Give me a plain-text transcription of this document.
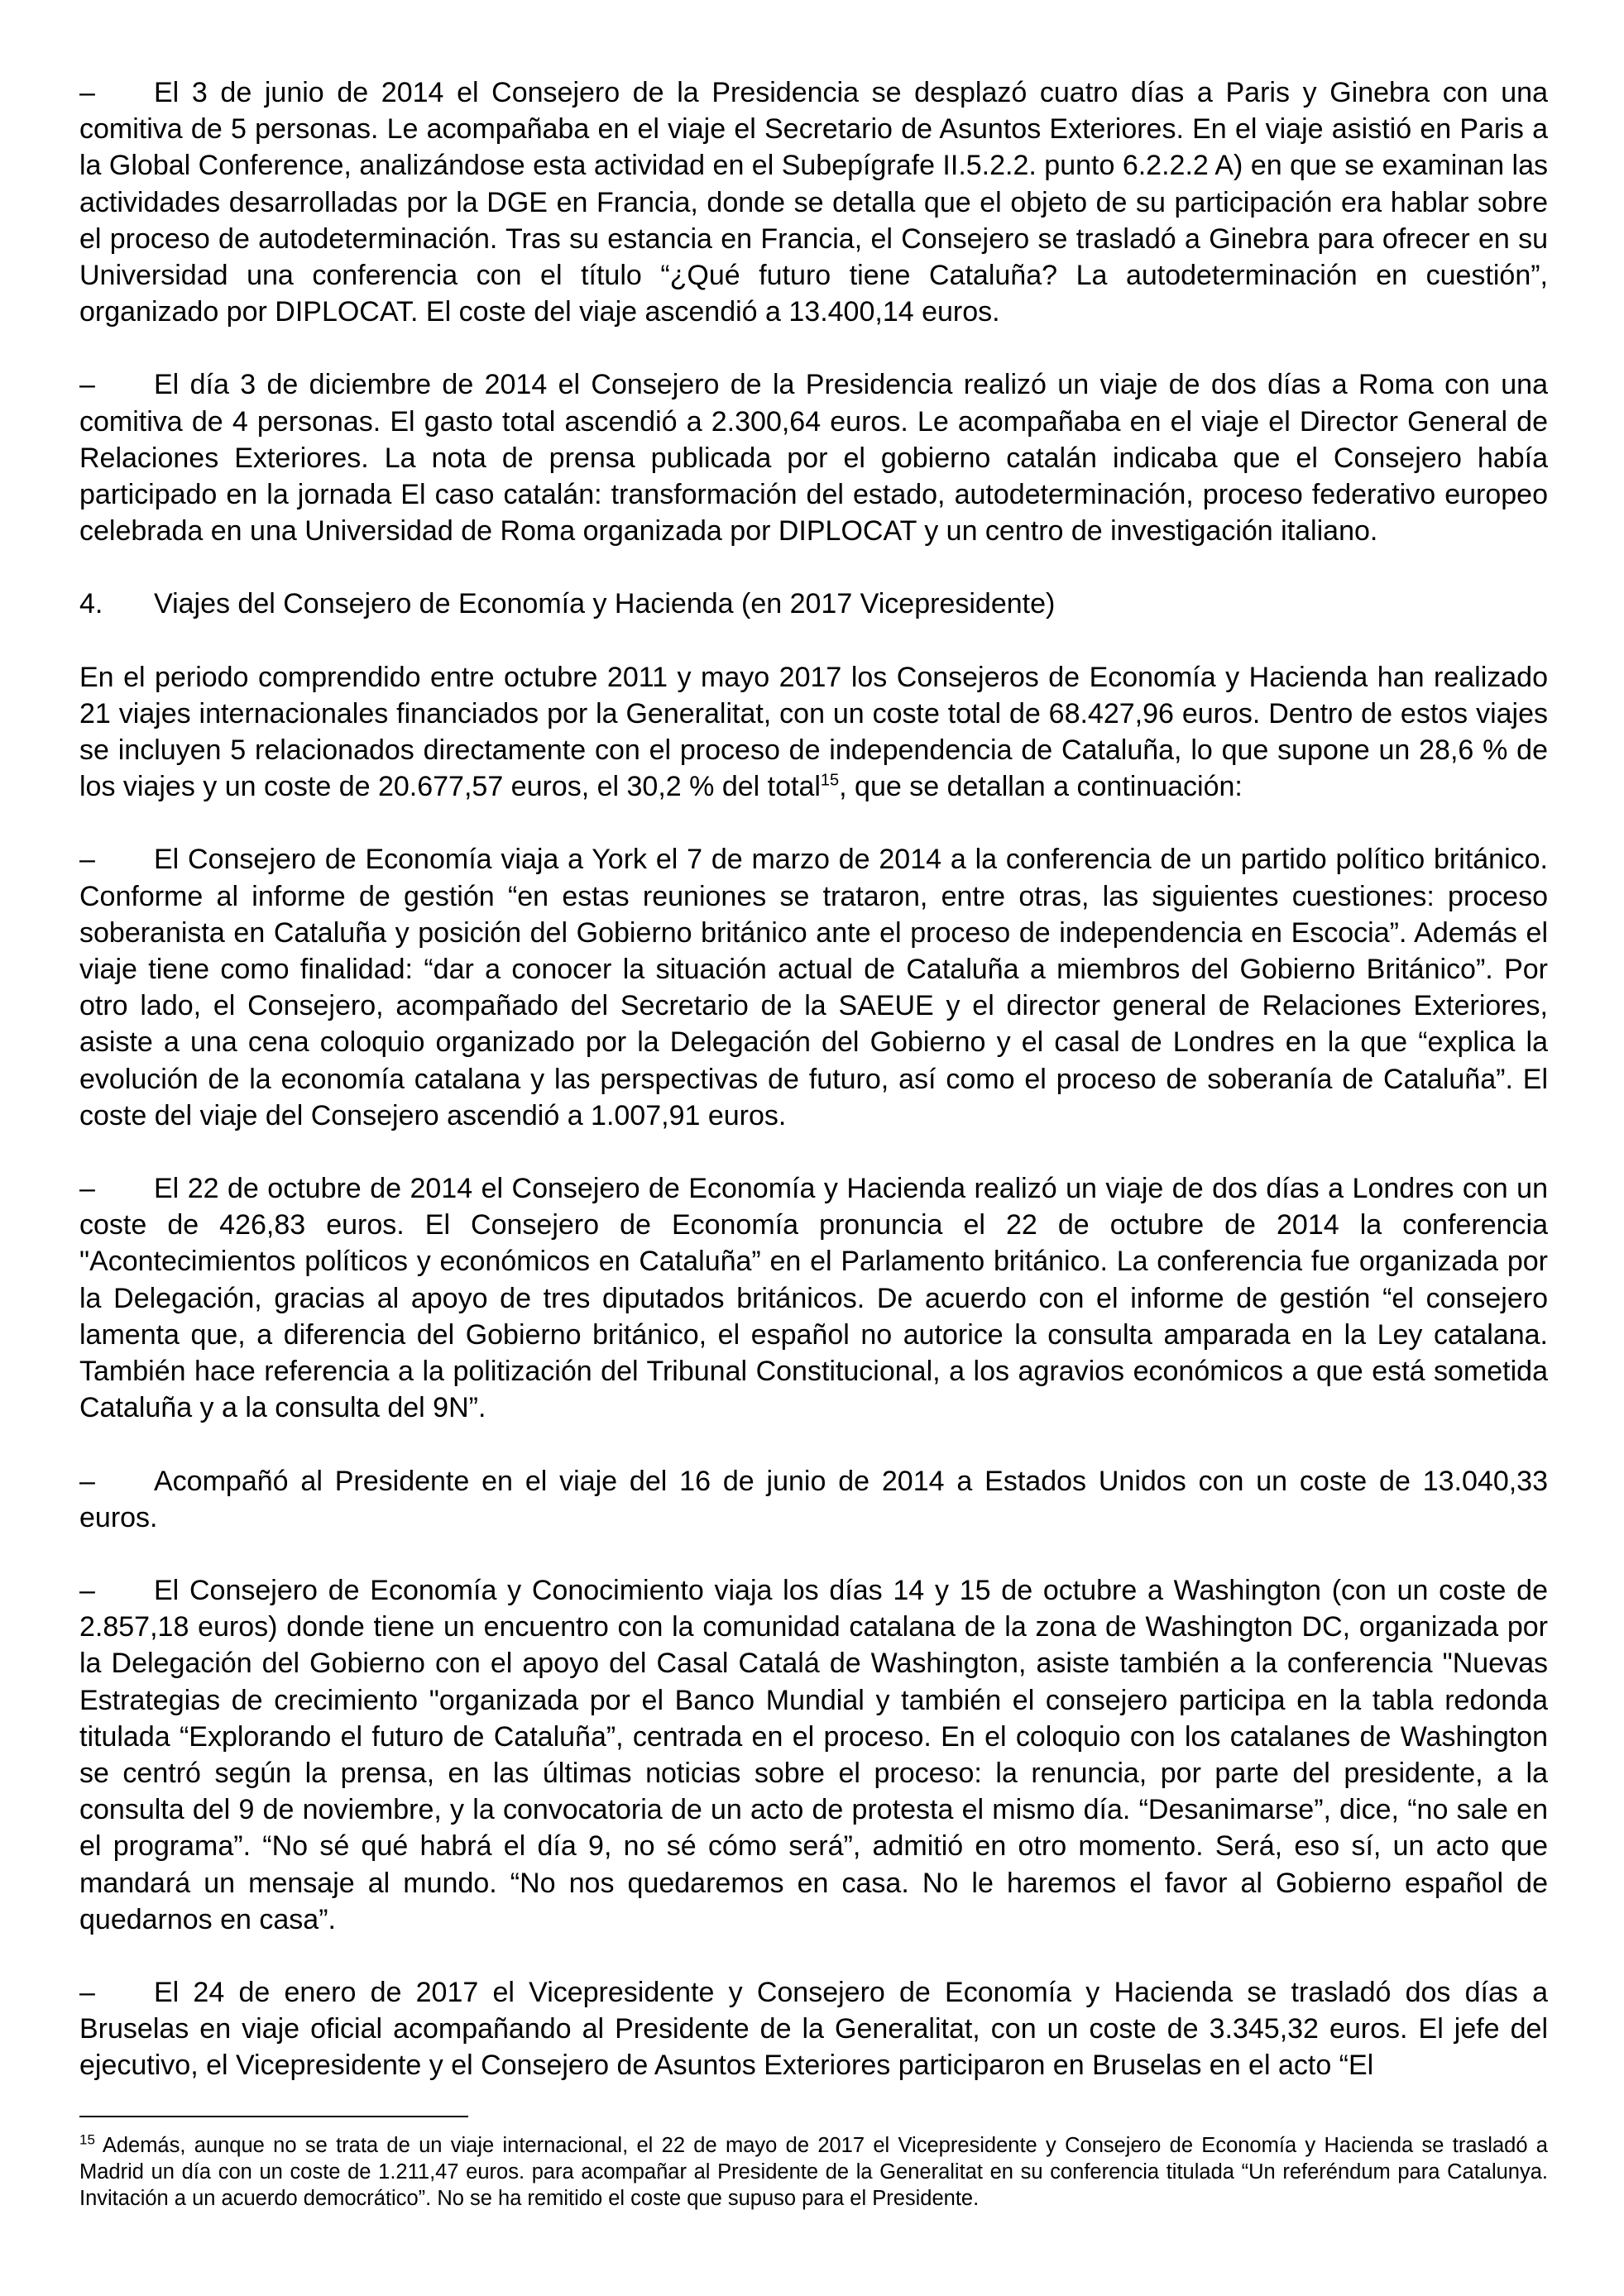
– El 3 de junio de 2014 el Consejero de la Presidencia se desplazó cuatro días a Paris y Ginebra con una comitiva de 5 personas. Le acompañaba en el viaje el Secretario de Asuntos Exteriores. En el viaje asistió en Paris a la Global Conference, analizándose esta actividad en el Subepígrafe II.5.2.2. punto 6.2.2.2 A) en que se examinan las actividades desarrolladas por la DGE en Francia, donde se detalla que el objeto de su participación era hablar sobre el proceso de autodeterminación. Tras su estancia en Francia, el Consejero se trasladó a Ginebra para ofrecer en su Universidad una conferencia con el título “¿Qué futuro tiene Cataluña? La autodeterminación en cuestión”, organizado por DIPLOCAT. El coste del viaje ascendió a 13.400,14 euros.

– El día 3 de diciembre de 2014 el Consejero de la Presidencia realizó un viaje de dos días a Roma con una comitiva de 4 personas. El gasto total ascendió a 2.300,64 euros. Le acompañaba en el viaje el Director General de Relaciones Exteriores. La nota de prensa publicada por el gobierno catalán indicaba que el Consejero había participado en la jornada El caso catalán: transformación del estado, autodeterminación, proceso federativo europeo celebrada en una Universidad de Roma organizada por DIPLOCAT y un centro de investigación italiano.

4. Viajes del Consejero de Economía y Hacienda (en 2017 Vicepresidente)

En el periodo comprendido entre octubre 2011 y mayo 2017 los Consejeros de Economía y Hacienda han realizado 21 viajes internacionales financiados por la Generalitat, con un coste total de 68.427,96 euros. Dentro de estos viajes se incluyen 5 relacionados directamente con el proceso de independencia de Cataluña, lo que supone un 28,6 % de los viajes y un coste de 20.677,57 euros, el 30,2 % del total$^{15}$, que se detallan a continuación:

– El Consejero de Economía viaja a York el 7 de marzo de 2014 a la conferencia de un partido político británico. Conforme al informe de gestión “en estas reuniones se trataron, entre otras, las siguientes cuestiones: proceso soberanista en Cataluña y posición del Gobierno británico ante el proceso de independencia en Escocia”. Además el viaje tiene como finalidad: “dar a conocer la situación actual de Cataluña a miembros del Gobierno Británico”. Por otro lado, el Consejero, acompañado del Secretario de la SAEUE y el director general de Relaciones Exteriores, asiste a una cena coloquio organizado por la Delegación del Gobierno y el casal de Londres en la que “explica la evolución de la economía catalana y las perspectivas de futuro, así como el proceso de soberanía de Cataluña”. El coste del viaje del Consejero ascendió a 1.007,91 euros.

– El 22 de octubre de 2014 el Consejero de Economía y Hacienda realizó un viaje de dos días a Londres con un coste de 426,83 euros. El Consejero de Economía pronuncia el 22 de octubre de 2014 la conferencia "Acontecimientos políticos y económicos en Cataluña” en el Parlamento británico. La conferencia fue organizada por la Delegación, gracias al apoyo de tres diputados británicos. De acuerdo con el informe de gestión “el consejero lamenta que, a diferencia del Gobierno británico, el español no autorice la consulta amparada en la Ley catalana. También hace referencia a la politización del Tribunal Constitucional, a los agravios económicos a que está sometida Cataluña y a la consulta del 9N”.

– Acompañó al Presidente en el viaje del 16 de junio de 2014 a Estados Unidos con un coste de 13.040,33 euros.

– El Consejero de Economía y Conocimiento viaja los días 14 y 15 de octubre a Washington (con un coste de 2.857,18 euros) donde tiene un encuentro con la comunidad catalana de la zona de Washington DC, organizada por la Delegación del Gobierno con el apoyo del Casal Catalá de Washington, asiste también a la conferencia "Nuevas Estrategias de crecimiento "organizada por el Banco Mundial y también el consejero participa en la tabla redonda titulada “Explorando el futuro de Cataluña”, centrada en el proceso. En el coloquio con los catalanes de Washington se centró según la prensa, en las últimas noticias sobre el proceso: la renuncia, por parte del presidente, a la consulta del 9 de noviembre, y la convocatoria de un acto de protesta el mismo día. “Desanimarse”, dice, “no sale en el programa”. “No sé qué habrá el día 9, no sé cómo será”, admitió en otro momento. Será, eso sí, un acto que mandará un mensaje al mundo. “No nos quedaremos en casa. No le haremos el favor al Gobierno español de quedarnos en casa”.

– El 24 de enero de 2017 el Vicepresidente y Consejero de Economía y Hacienda se trasladó dos días a Bruselas en viaje oficial acompañando al Presidente de la Generalitat, con un coste de 3.345,32 euros. El jefe del ejecutivo, el Vicepresidente y el Consejero de Asuntos Exteriores participaron en Bruselas en el acto “El

$^{15}$ Además, aunque no se trata de un viaje internacional, el 22 de mayo de 2017 el Vicepresidente y Consejero de Economía y Hacienda se trasladó a Madrid un día con un coste de 1.211,47 euros. para acompañar al Presidente de la Generalitat en su conferencia titulada “Un referéndum para Catalunya. Invitación a un acuerdo democrático”. No se ha remitido el coste que supuso para el Presidente.
